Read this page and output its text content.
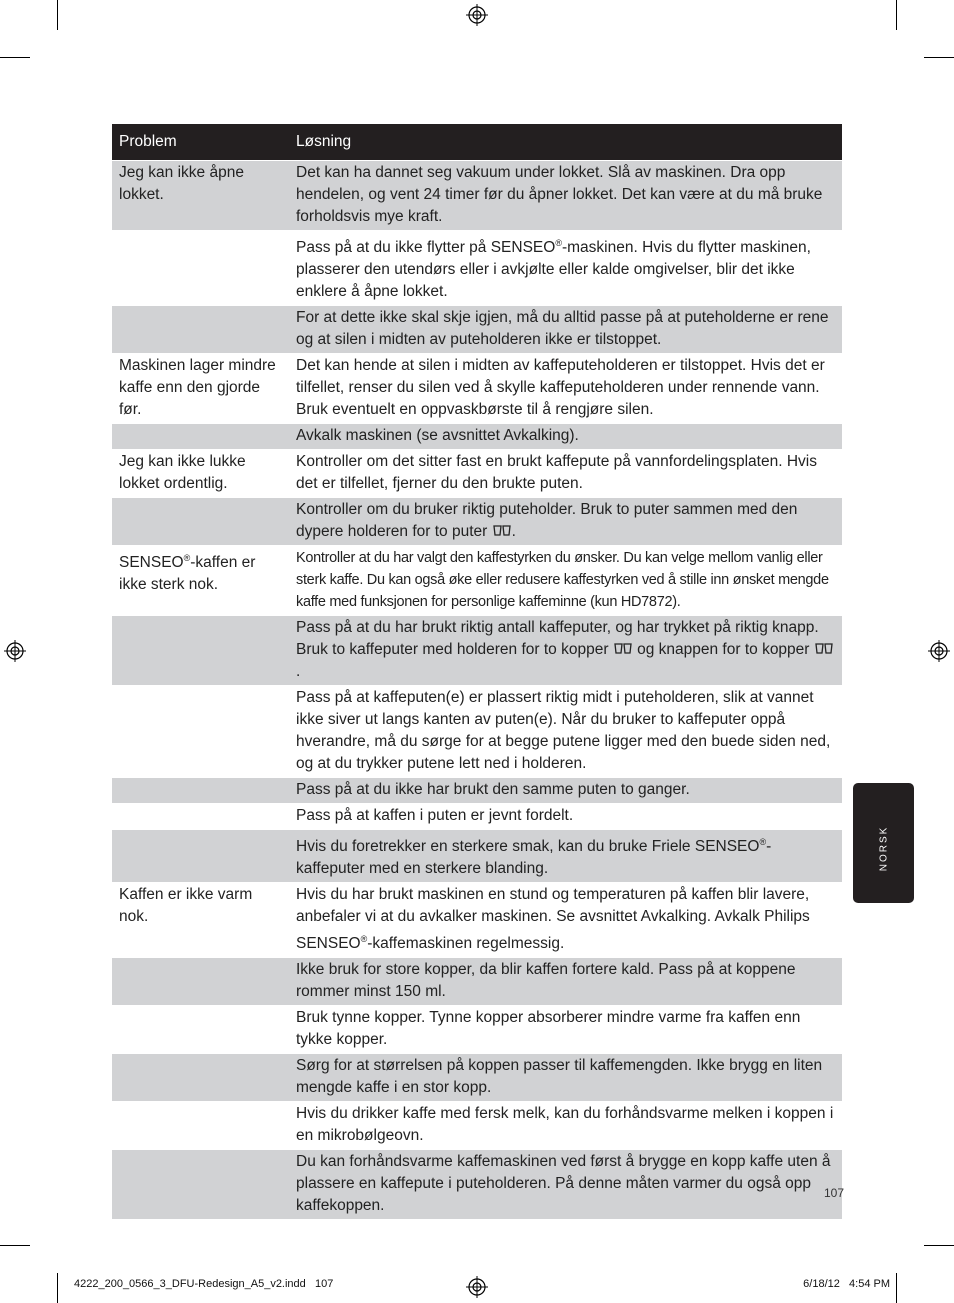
Problem	Løsning
Jeg kan ikke åpne lokket.	Det kan ha dannet seg vakuum under lokket. Slå av maskinen. Dra opp hendelen, og vent 24 timer før du åpner lokket. Det kan være at du må bruke forholdsvis mye kraft.
	Pass på at du ikke flytter på SENSEO®-maskinen. Hvis du flytter maskinen, plasserer den utendørs eller i avkjølte eller kalde omgivelser, blir det ikke enklere å åpne lokket.
	For at dette ikke skal skje igjen, må du alltid passe på at puteholderne er rene og at silen i midten av puteholderen ikke er tilstoppet.
Maskinen lager mindre kaffe enn den gjorde før.	Det kan hende at silen i midten av kaffeputeholderen er tilstoppet. Hvis det er tilfellet, renser du silen ved å skylle kaffeputeholderen under rennende vann. Bruk eventuelt en oppvaskbørste til å rengjøre silen.
	Avkalk maskinen (se avsnittet Avkalking).
Jeg kan ikke lukke lokket ordentlig.	Kontroller om det sitter fast en brukt kaffepute på vannfordelingsplaten. Hvis det er tilfellet, fjerner du den brukte puten.
	Kontroller om du bruker riktig puteholder. Bruk to puter sammen med den dypere holderen for to puter .
SENSEO®-kaffen er ikke sterk nok.	Kontroller at du har valgt den kaffestyrken du ønsker. Du kan velge mellom vanlig eller sterk kaffe. Du kan også øke eller redusere kaffestyrken ved å stille inn ønsket mengde kaffe med funksjonen for personlige kaffeminne (kun HD7872).
	Pass på at du har brukt riktig antall kaffeputer, og har trykket på riktig knapp. Bruk to kaffeputer med holderen for to kopper og knappen for to kopper .
	Pass på at kaffeputen(e) er plassert riktig midt i puteholderen, slik at vannet ikke siver ut langs kanten av puten(e). Når du bruker to kaffeputer oppå hverandre, må du sørge for at begge putene ligger med den buede siden ned, og at du trykker putene lett ned i holderen.
	Pass på at du ikke har brukt den samme puten to ganger.
	Pass på at kaffen i puten er jevnt fordelt.
	Hvis du foretrekker en sterkere smak, kan du bruke Friele SENSEO®-kaffeputer med en sterkere blanding.
Kaffen er ikke varm nok.	Hvis du har brukt maskinen en stund og temperaturen på kaffen blir lavere, anbefaler vi at du avkalker maskinen. Se avsnittet Avkalking. Avkalk Philips SENSEO®-kaffemaskinen regelmessig.
	Ikke bruk for store kopper, da blir kaffen fortere kald. Pass på at koppene rommer minst 150 ml.
	Bruk tynne kopper. Tynne kopper absorberer mindre varme fra kaffen enn tykke kopper.
	Sørg for at størrelsen på koppen passer til kaffemengden. Ikke brygg en liten mengde kaffe i en stor kopp.
	Hvis du drikker kaffe med fersk melk, kan du forhåndsvarme melken i koppen i en mikrobølgeovn.
	Du kan forhåndsvarme kaffemaskinen ved først å brygge en kopp kaffe uten å plassere en kaffepute i puteholderen. På denne måten varmer du også opp kaffekoppen.
NORSK
107
4222_200_0566_3_DFU-Redesign_A5_v2.indd   107	6/18/12   4:54 PM
